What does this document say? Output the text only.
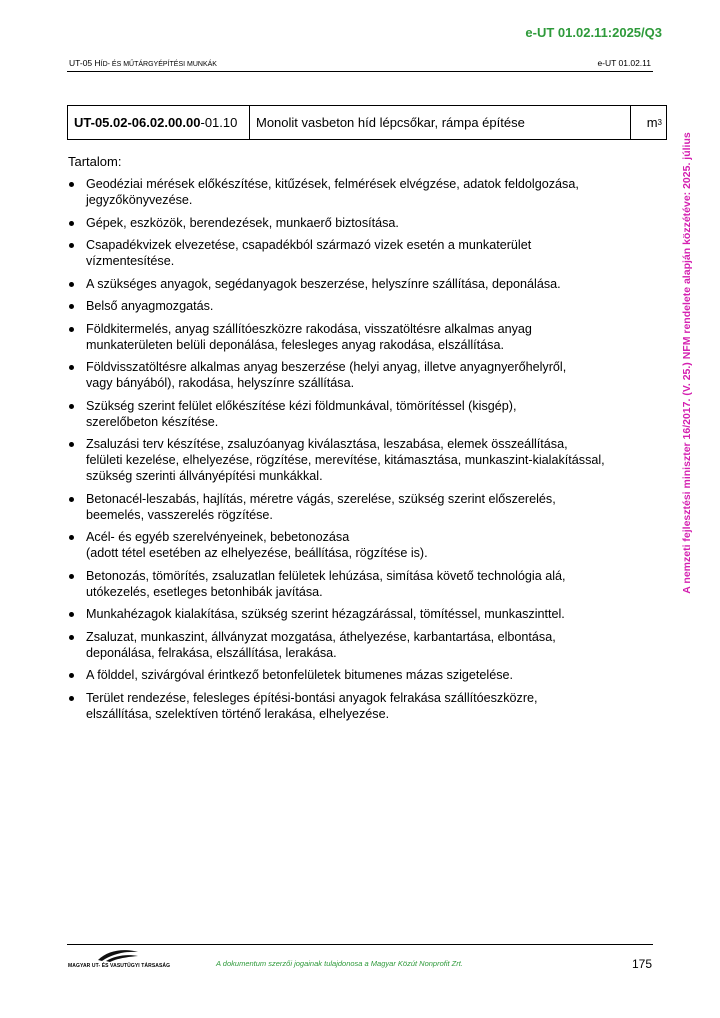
e-UT 01.02.11:2025/Q3
UT-05 HÍD- ÉS MŰTÁRGYÉPÍTÉSI MUNKÁK	e-UT 01.02.11
UT-05.02-06.02.00.00 -01.10	Monolit vasbeton híd lépcsőkar, rámpa építése	m 3
Tartalom:
Geodéziai mérések előkészítése, kitűzések, felmérések elvégzése, adatok feldolgozása,
jegyzőkönyvezése.
Gépek, eszközök, berendezések, munkaerő biztosítása.
Csapadékvizek elvezetése, csapadékból származó vizek esetén a munkaterület
vízmentesítése.
A szükséges anyagok, segédanyagok beszerzése, helyszínre szállítása, deponálása.
Belső anyagmozgatás.
Földkitermelés, anyag szállítóeszközre rakodása, visszatöltésre alkalmas anyag
munkaterületen belüli deponálása, felesleges anyag rakodása, elszállítása.
Földvisszatöltésre alkalmas anyag beszerzése (helyi anyag, illetve anyagnyerőhelyről,
vagy bányából), rakodása, helyszínre szállítása.
Szükség szerint felület előkészítése kézi földmunkával, tömörítéssel (kisgép),
szerelőbeton készítése.
Zsaluzási terv készítése, zsaluzóanyag kiválasztása, leszabása, elemek összeállítása,
felületi kezelése, elhelyezése, rögzítése, merevítése, kitámasztása, munkaszint-kialakítással,
szükség szerinti állványépítési munkákkal.
Betonacél-leszabás, hajlítás, méretre vágás, szerelése, szükség szerint előszerelés,
beemelés, vasszerelés rögzítése.
Acél- és egyéb szerelvényeinek, bebetonozása
(adott tétel esetében az elhelyezése, beállítása, rögzítése is).
Betonozás, tömörítés, zsaluzatlan felületek lehúzása, simítása követő technológia alá,
utókezelés, esetleges betonhibák javítása.
Munkahézagok kialakítása, szükség szerint hézagzárással, tömítéssel, munkaszinttel.
Zsaluzat, munkaszint, állványzat mozgatása, áthelyezése, karbantartása, elbontása,
deponálása, felrakása, elszállítása, lerakása.
A földdel, szivárgóval érintkező betonfelületek bitumenes mázas szigetelése.
Terület rendezése, felesleges építési-bontási anyagok felrakása szállítóeszközre,
elszállítása, szelektíven történő lerakása, elhelyezése.
A nemzeti fejlesztési miniszter 16/2017. (V. 25.) NFM rendelete alapján közzétéve: 2025. július
MAGYAR UT- ÉS VASUTÜGYI TÁRSASÁG	A dokumentum szerzői jogainak tulajdonosa a Magyar Közút Nonprofit Zrt.	175
